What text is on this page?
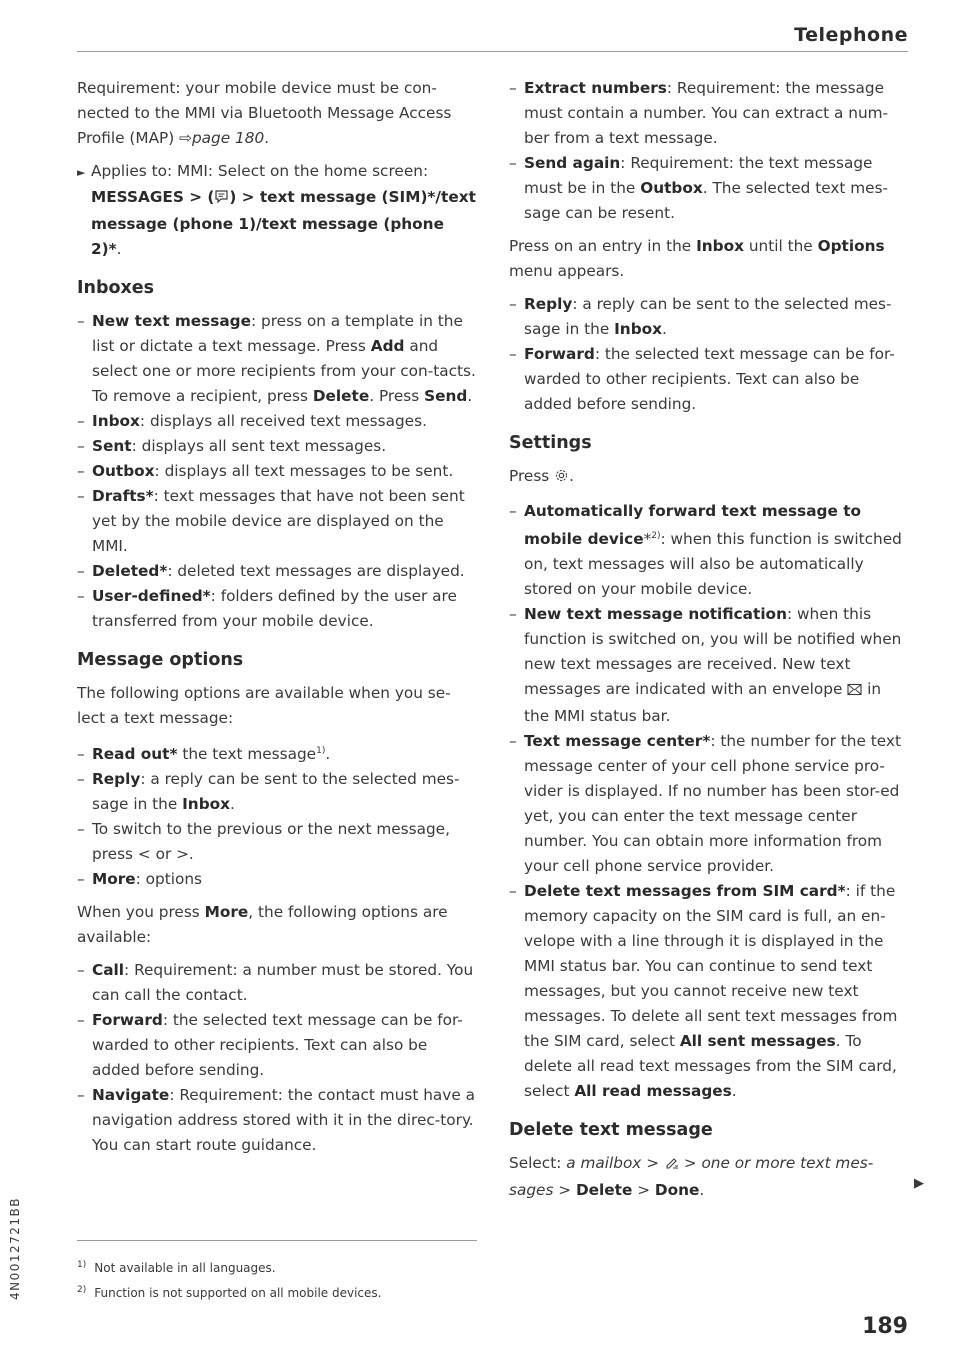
Telephone

Requirement: your mobile device must be con-nected to the MMI via Bluetooth Message Access Profile (MAP) ⇨page 180.

► Applies to: MMI: Select on the home screen: MESSAGES > ( ) > text message (SIM)*/text message (phone 1)/text message (phone 2)*.

Inboxes
– New text message: press on a template in the list or dictate a text message. Press Add and select one or more recipients from your con-tacts. To remove a recipient, press Delete. Press Send.
– Inbox: displays all received text messages.
– Sent: displays all sent text messages.
– Outbox: displays all text messages to be sent.
– Drafts*: text messages that have not been sent yet by the mobile device are displayed on the MMI.
– Deleted*: deleted text messages are displayed.
– User-defined*: folders defined by the user are transferred from your mobile device.
Message options

The following options are available when you se-lect a text message:

– Read out* the text message$^{1)}$.
– Reply: a reply can be sent to the selected mes-sage in the Inbox.
– To switch to the previous or the next message, press < or >.
– More: options

When you press More, the following options are available:

– Call: Requirement: a number must be stored. You can call the contact.
– Forward: the selected text message can be for-warded to other recipients. Text can also be added before sending.
– Navigate: Requirement: the contact must have a navigation address stored with it in the direc-tory. You can start route guidance.
– Extract numbers: Requirement: the message must contain a number. You can extract a num-ber from a text message.
– Send again: Requirement: the text message must be in the Outbox. The selected text mes-sage can be resent.

Press on an entry in the Inbox until the Options menu appears.

– Reply: a reply can be sent to the selected mes-sage in the Inbox.
– Forward: the selected text message can be for-warded to other recipients. Text can also be added before sending.
Settings

Press .

– Automatically forward text message to mobile device*$^{2)}$: when this function is switched on, text messages will also be automatically stored on your mobile device.
– New text message notification: when this function is switched on, you will be notified when new text messages are received. New text messages are indicated with an envelope  in the MMI status bar.
– Text message center*: the number for the text message center of your cell phone service pro-vider is displayed. If no number has been stor-ed yet, you can enter the text message center number. You can obtain more information from your cell phone service provider.
– Delete text messages from SIM card*: if the memory capacity on the SIM card is full, an en-velope with a line through it is displayed in the MMI status bar. You can continue to send text messages, but you cannot receive new text messages. To delete all sent text messages from the SIM card, select All sent messages. To delete all read text messages from the SIM card, select All read messages.
Delete text message

Select: a mailbox >  > one or more text mes-sages > Delete > Done.	▶
$^{1)}$ Not available in all languages.
$^{2)}$ Function is not supported on all mobile devices.
4N0012721BB
189
